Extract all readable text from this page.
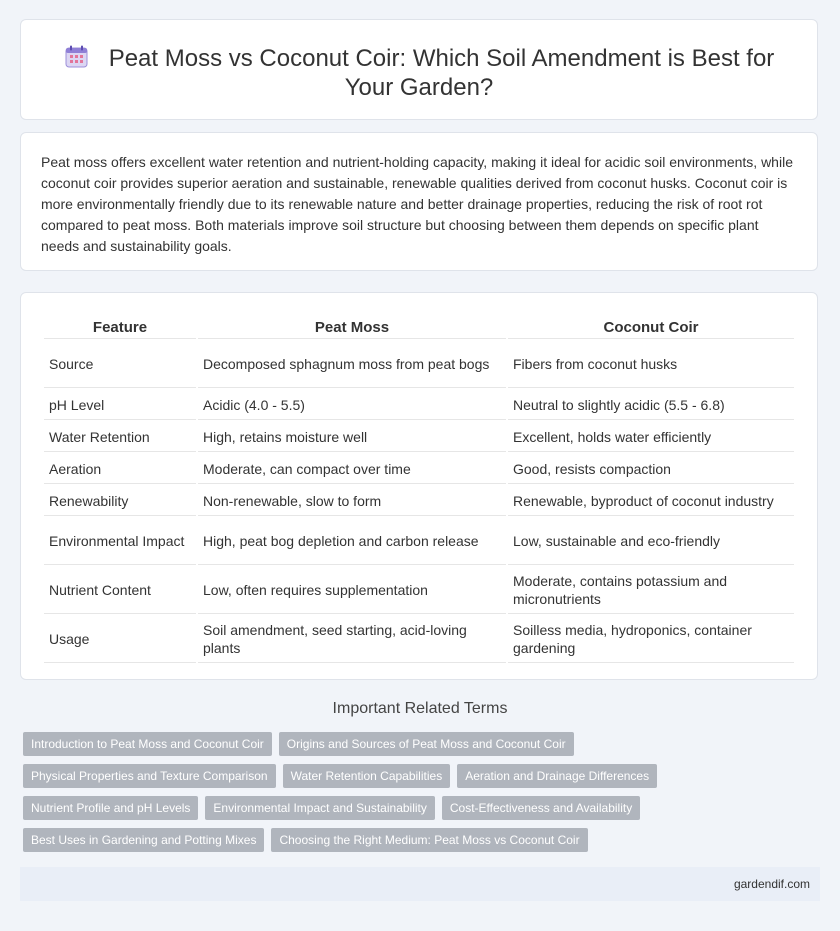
Peat Moss vs Coconut Coir: Which Soil Amendment is Best for Your Garden?

Peat moss offers excellent water retention and nutrient-holding capacity, making it ideal for acidic soil environments, while coconut coir provides superior aeration and sustainable, renewable qualities derived from coconut husks. Coconut coir is more environmentally friendly due to its renewable nature and better drainage properties, reducing the risk of root rot compared to peat moss. Both materials improve soil structure but choosing between them depends on specific plant needs and sustainability goals.

Feature	Peat Moss	Coconut Coir
Source	Decomposed sphagnum moss from peat bogs	Fibers from coconut husks
pH Level	Acidic (4.0 - 5.5)	Neutral to slightly acidic (5.5 - 6.8)
Water Retention	High, retains moisture well	Excellent, holds water efficiently
Aeration	Moderate, can compact over time	Good, resists compaction
Renewability	Non-renewable, slow to form	Renewable, byproduct of coconut industry
Environmental Impact	High, peat bog depletion and carbon release	Low, sustainable and eco-friendly
Nutrient Content	Low, often requires supplementation	Moderate, contains potassium and micronutrients
Usage	Soil amendment, seed starting, acid-loving plants	Soilless media, hydroponics, container gardening
Important Related Terms
Introduction to Peat Moss and Coconut Coir	Origins and Sources of Peat Moss and Coconut Coir
Physical Properties and Texture Comparison	Water Retention Capabilities	Aeration and Drainage Differences
Nutrient Profile and pH Levels	Environmental Impact and Sustainability	Cost-Effectiveness and Availability
Best Uses in Gardening and Potting Mixes	Choosing the Right Medium: Peat Moss vs Coconut Coir
gardendif.com
